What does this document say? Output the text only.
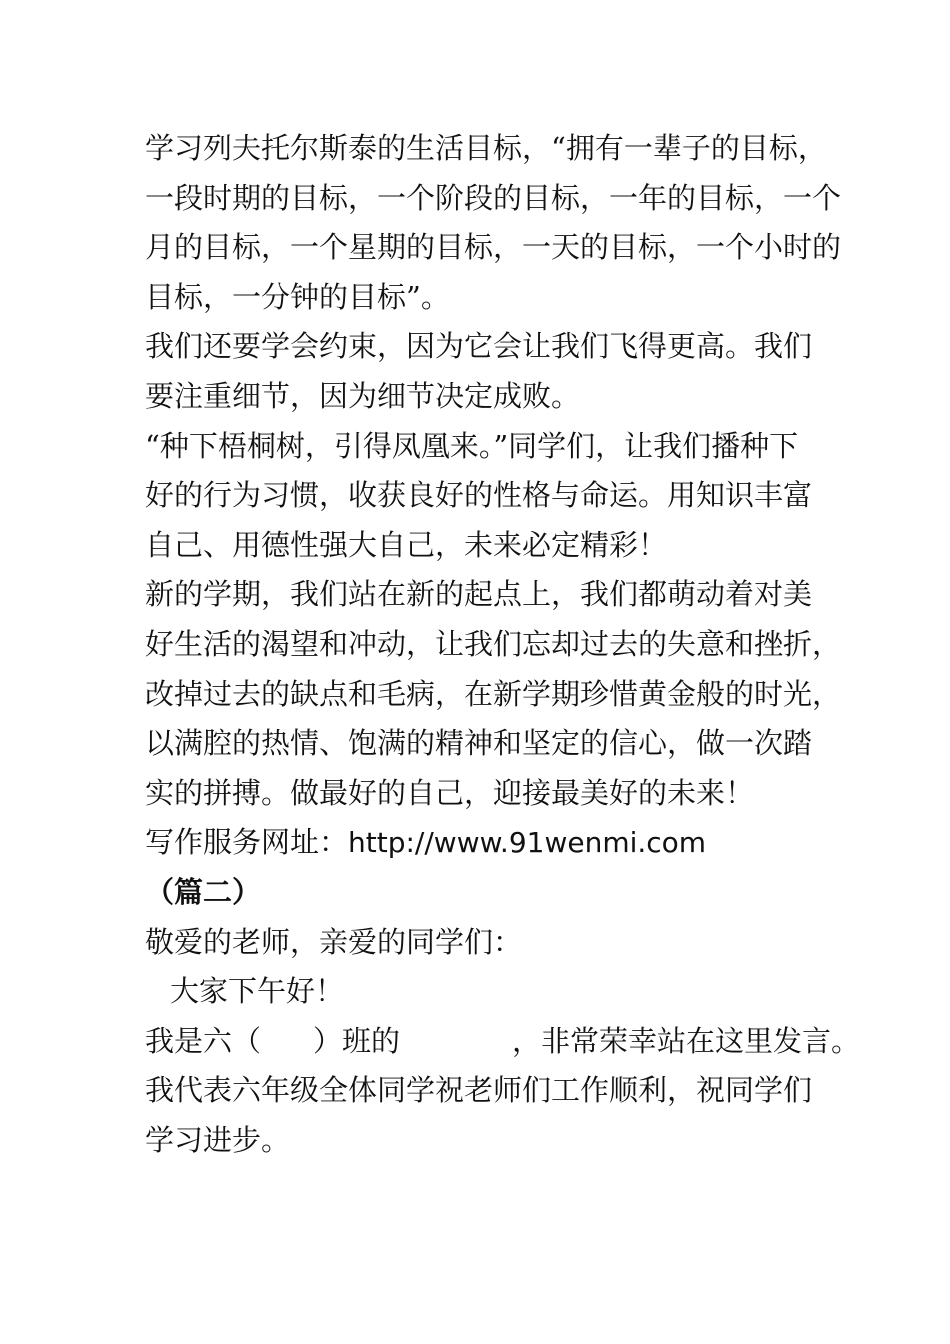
学习列夫托尔斯泰的生活目标，“拥有一辈子的目标，
一段时期的目标，一个阶段的目标，一年的目标，一个
月的目标，一个星期的目标，一天的目标，一个小时的
目标，一分钟的目标”。
我们还要学会约束，因为它会让我们飞得更高。我们
要注重细节，因为细节决定成败。
“种下梧桐树，引得凤凰来。”同学们，让我们播种下
好的行为习惯，收获良好的性格与命运。用知识丰富
自己、用德性强大自己，未来必定精彩！
新的学期，我们站在新的起点上，我们都萌动着对美
好生活的渴望和冲动，让我们忘却过去的失意和挫折，
改掉过去的缺点和毛病，在新学期珍惜黄金般的时光，
以满腔的热情、饱满的精神和坚定的信心，做一次踏
实的拼搏。做最好的自己，迎接最美好的未来！
写作服务网址：http://www.91wenmi.com
（篇二）
敬爱的老师，亲爱的同学们：
大家下午好！
我是六（ ）班的	，非常荣幸站在这里发言。
我代表六年级全体同学祝老师们工作顺利，祝同学们
学习进步。
